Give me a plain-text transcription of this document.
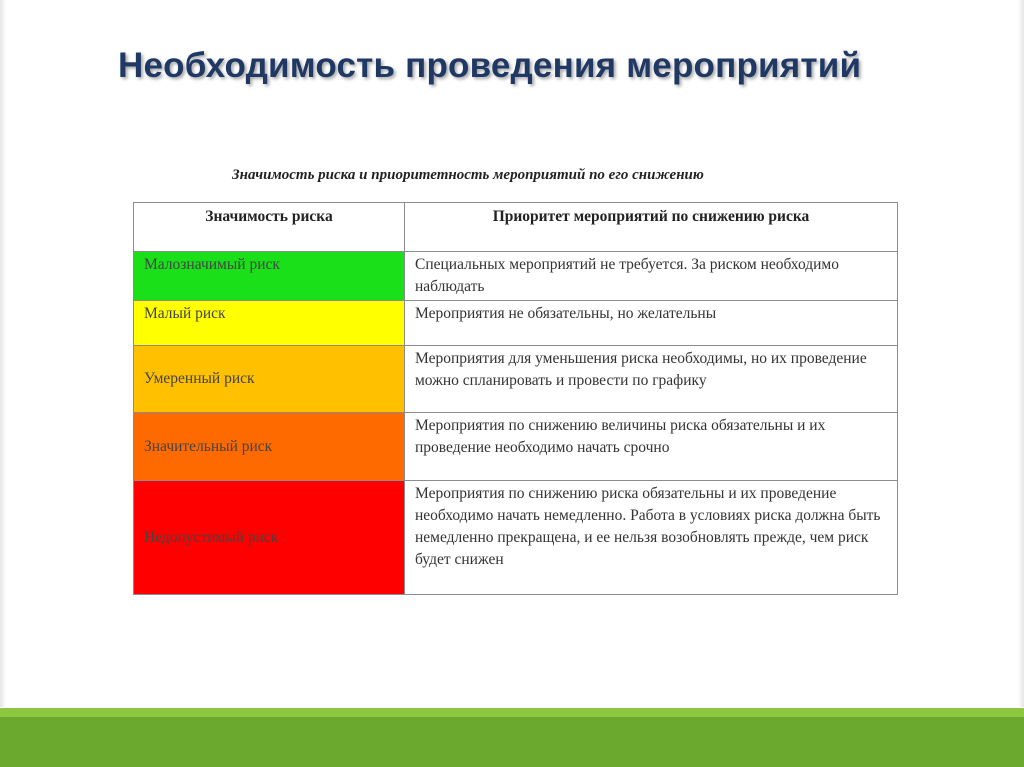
Необходимость проведения мероприятий
Значимость риска и приоритетность мероприятий по его снижению
Значимость риска	Приоритет мероприятий по снижению риска
Малозначимый риск	Специальных мероприятий не требуется. За риском необходимо наблюдать
Малый риск	Мероприятия не обязательны, но желательны
Умеренный риск	Мероприятия для уменьшения риска необходимы, но их проведение можно спланировать и провести по графику
Значительный риск	Мероприятия по снижению величины риска обязательны и их проведение необходимо начать срочно
Недопустимый риск	Мероприятия по снижению риска обязательны и их проведение необходимо начать немедленно. Работа в условиях риска должна быть немедленно прекращена, и ее нельзя возобновлять прежде, чем риск будет снижен
